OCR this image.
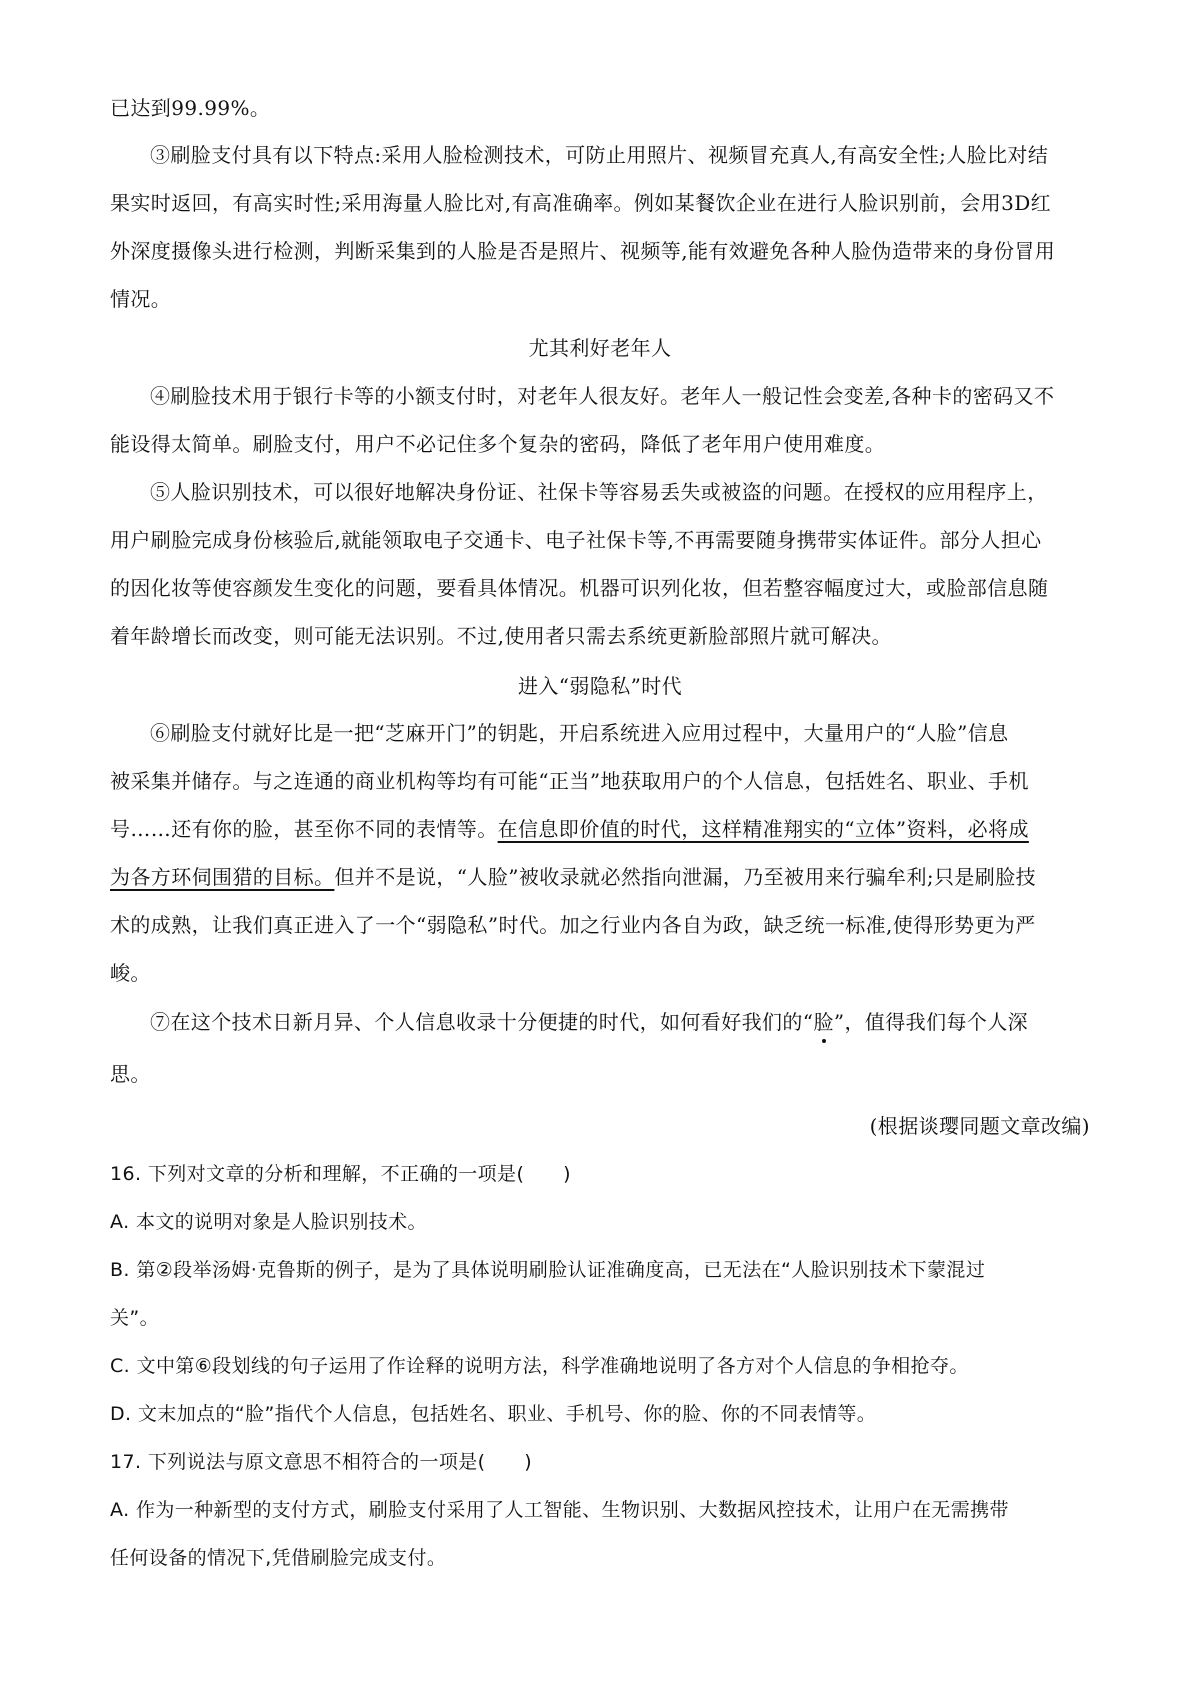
已达到99.99%。
③刷脸支付具有以下特点:采用人脸检测技术，可防止用照片、视频冒充真人,有高安全性;人脸比对结
果实时返回，有高实时性;采用海量人脸比对,有高准确率。例如某餐饮企业在进行人脸识别前，会用3D红
外深度摄像头进行检测，判断采集到的人脸是否是照片、视频等,能有效避免各种人脸伪造带来的身份冒用
情况。
尤其利好老年人
④刷脸技术用于银行卡等的小额支付时，对老年人很友好。老年人一般记性会变差,各种卡的密码又不
能设得太简单。刷脸支付，用户不必记住多个复杂的密码，降低了老年用户使用难度。
⑤人脸识别技术，可以很好地解决身份证、社保卡等容易丢失或被盗的问题。在授权的应用程序上，
用户刷脸完成身份核验后,就能领取电子交通卡、电子社保卡等,不再需要随身携带实体证件。部分人担心
的因化妆等使容颜发生变化的问题，要看具体情况。机器可识列化妆，但若整容幅度过大，或脸部信息随
着年龄增长而改变，则可能无法识别。不过,使用者只需去系统更新脸部照片就可解决。
进入“弱隐私”时代
⑥刷脸支付就好比是一把“芝麻开门”的钥匙，开启系统进入应用过程中，大量用户的“人脸”信息
被采集并储存。与之连通的商业机构等均有可能“正当”地获取用户的个人信息，包括姓名、职业、手机
号……还有你的脸，甚至你不同的表情等。在信息即价值的时代，这样精准翔实的“立体”资料，必将成
为各方环伺围猎的目标。但并不是说，“人脸”被收录就必然指向泄漏，乃至被用来行骗牟利;只是刷脸技
术的成熟，让我们真正进入了一个“弱隐私”时代。加之行业内各自为政，缺乏统一标准,使得形势更为严
峻。
⑦在这个技术日新月异、个人信息收录十分便捷的时代，如何看好我们的“脸
”，值得我们每个人深
思。
(根据谈璎同题文章改编)
16. 下列对文章的分析和理解，不正确的一项是(　　)
A. 本文的说明对象是人脸识别技术。
B. 第②段举汤姆·克鲁斯的例子，是为了具体说明刷脸认证准确度高，已无法在“人脸识别技术下蒙混过
关”。
C. 文中第⑥段划线的句子运用了作诠释的说明方法，科学准确地说明了各方对个人信息的争相抢夺。
D. 文末加点的“脸”指代个人信息，包括姓名、职业、手机号、你的脸、你的不同表情等。
17. 下列说法与原文意思不相符合的一项是(　　)
A. 作为一种新型的支付方式，刷脸支付采用了人工智能、生物识别、大数据风控技术，让用户在无需携带
任何设备的情况下,凭借刷脸完成支付。
